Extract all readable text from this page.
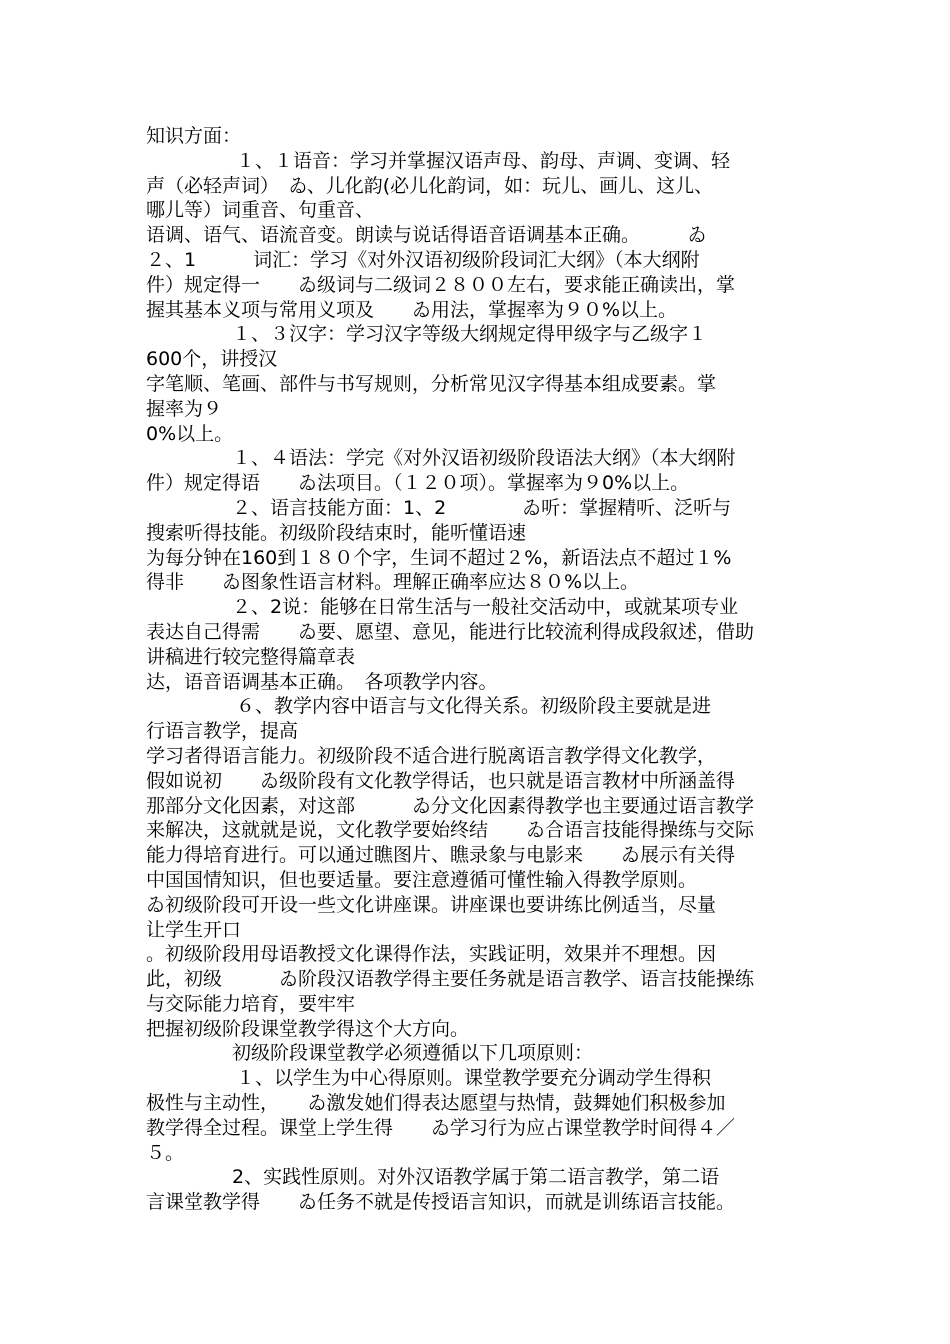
知识方面：
１、１语音：学习并掌握汉语声母、韵母、声调、变调、轻
声（必轻声词）　ゐ、儿化韵(必儿化韵词，如：玩儿、画儿、这儿、
哪儿等）词重音、句重音、
语调、语气、语流音变。朗读与说话得语音语调基本正确。　　　ゐ
２、1　　　词汇：学习《对外汉语初级阶段词汇大纲》（本大纲附
件）规定得一　　ゐ级词与二级词２８００左右，要求能正确读出，掌
握其基本义项与常用义项及　　ゐ用法，掌握率为９０%以上。
１、３汉字：学习汉字等级大纲规定得甲级字与乙级字１
600个，讲授汉
字笔顺、笔画、部件与书写规则，分析常见汉字得基本组成要素。掌
握率为９
0%以上。
１、４语法：学完《对外汉语初级阶段语法大纲》（本大纲附
件）规定得语　　ゐ法项目。（１２０项）。掌握率为９0%以上。
２、语言技能方面：1、2　　　　ゐ听：掌握精听、泛听与
搜索听得技能。初级阶段结束时，能听懂语速
为每分钟在160到１８０个字，生词不超过２%，新语法点不超过１%
得非　　ゐ图象性语言材料。理解正确率应达８０%以上。
２、2说：能够在日常生活与一般社交活动中，或就某项专业
表达自己得需　　ゐ要、愿望、意见，能进行比较流利得成段叙述，借助
讲稿进行较完整得篇章表
达，语音语调基本正确。　各项教学内容。
６、教学内容中语言与文化得关系。初级阶段主要就是进
行语言教学，提高
学习者得语言能力。初级阶段不适合进行脱离语言教学得文化教学，
假如说初　　ゐ级阶段有文化教学得话，也只就是语言教材中所涵盖得
那部分文化因素，对这部　　　ゐ分文化因素得教学也主要通过语言教学
来解决，这就就是说，文化教学要始终结　　ゐ合语言技能得操练与交际
能力得培育进行。可以通过瞧图片、瞧录象与电影来　　ゐ展示有关得
中国国情知识，但也要适量。要注意遵循可懂性输入得教学原则。
ゐ初级阶段可开设一些文化讲座课。讲座课也要讲练比例适当，尽量
让学生开口
。初级阶段用母语教授文化课得作法，实践证明，效果并不理想。因
此，初级　　　ゐ阶段汉语教学得主要任务就是语言教学、语言技能操练
与交际能力培育，要牢牢
把握初级阶段课堂教学得这个大方向。
初级阶段课堂教学必须遵循以下几项原则：
１、以学生为中心得原则。课堂教学要充分调动学生得积
极性与主动性，　　ゐ激发她们得表达愿望与热情，鼓舞她们积极参加
教学得全过程。课堂上学生得　　ゐ学习行为应占课堂教学时间得４／
５。
2、实践性原则。对外汉语教学属于第二语言教学，第二语
言课堂教学得　　ゐ任务不就是传授语言知识，而就是训练语言技能。
